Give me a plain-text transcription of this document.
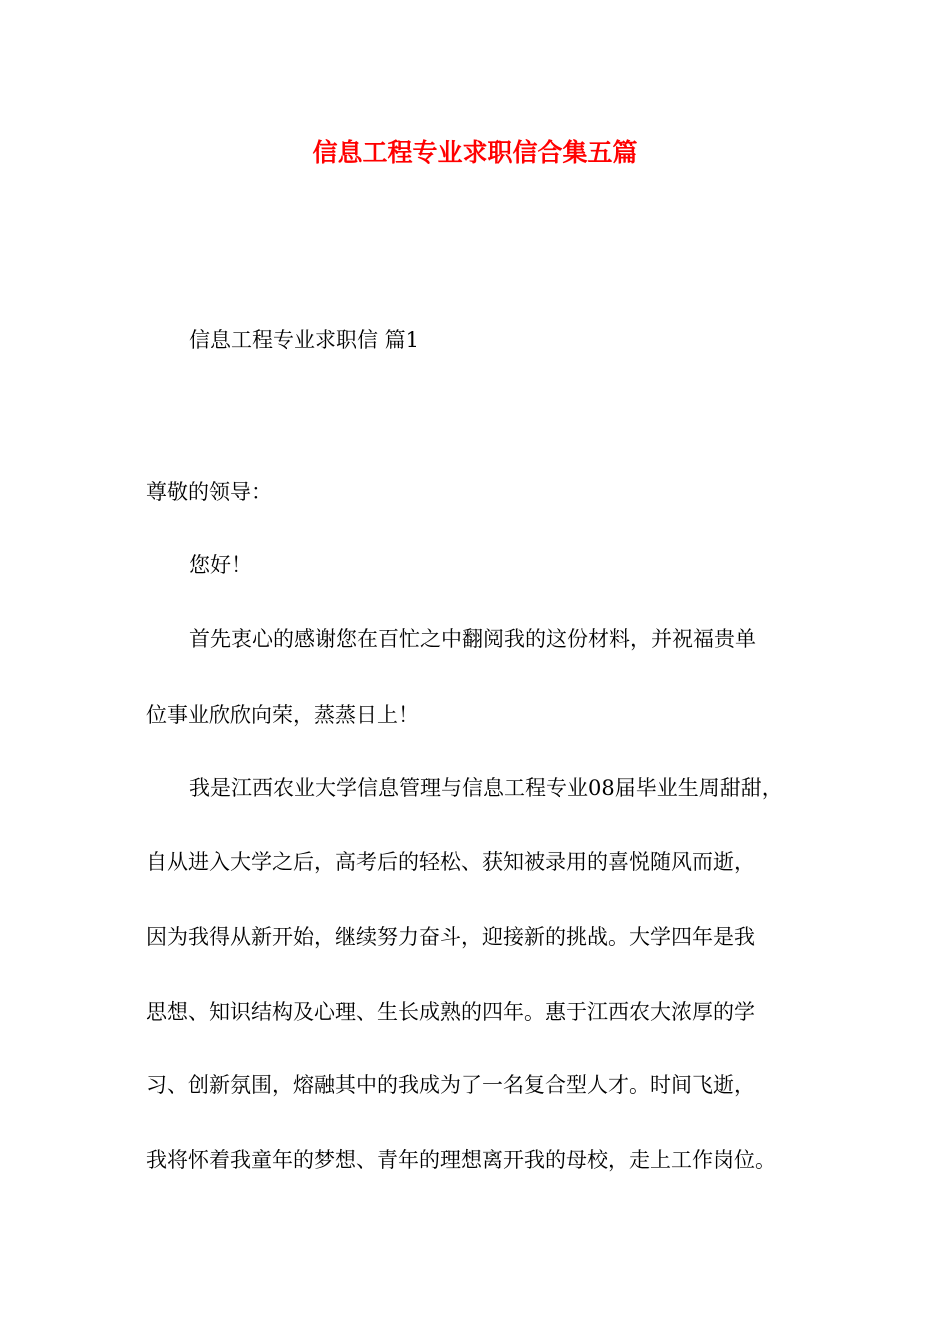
信息工程专业求职信合集五篇
信息工程专业求职信 篇1
尊敬的领导：
您好！
首先衷心的感谢您在百忙之中翻阅我的这份材料，并祝福贵单
位事业欣欣向荣，蒸蒸日上！
我是江西农业大学信息管理与信息工程专业08届毕业生周甜甜，
自从进入大学之后，高考后的轻松、获知被录用的喜悦随风而逝，
因为我得从新开始，继续努力奋斗，迎接新的挑战。大学四年是我
思想、知识结构及心理、生长成熟的四年。惠于江西农大浓厚的学
习、创新氛围，熔融其中的我成为了一名复合型人才。时间飞逝，
我将怀着我童年的梦想、青年的理想离开我的母校，走上工作岗位。
